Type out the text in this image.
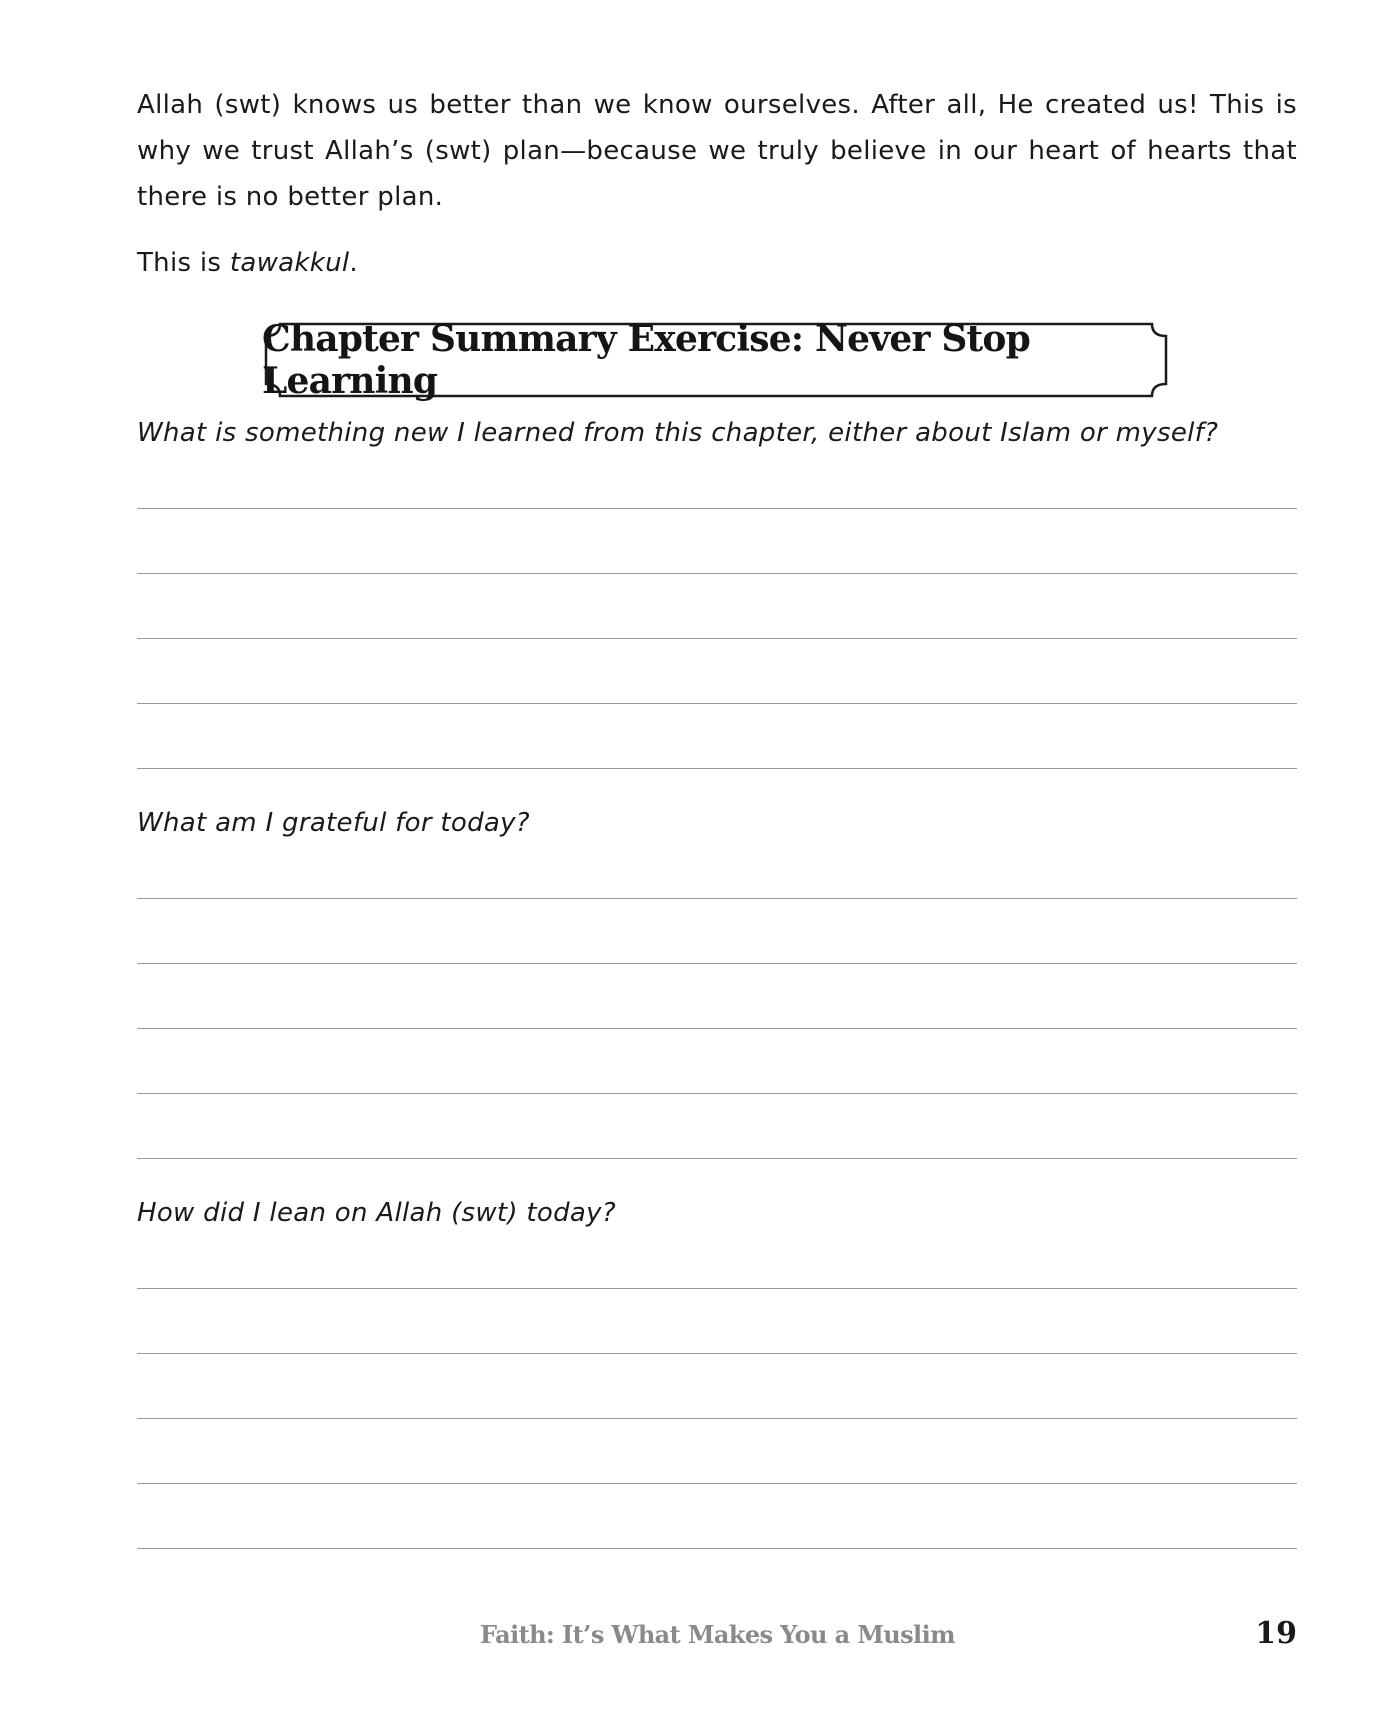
Allah (swt) knows us better than we know ourselves. After all, He created us! This is why we trust Allah’s (swt) plan—because we truly believe in our heart of hearts that there is no better plan.

This is tawakkul.

Chapter Summary Exercise: Never Stop Learning
What is something new I learned from this chapter, either about Islam or myself?
What am I grateful for today?
How did I lean on Allah (swt) today?
Faith: It’s What Makes You a Muslim	19
